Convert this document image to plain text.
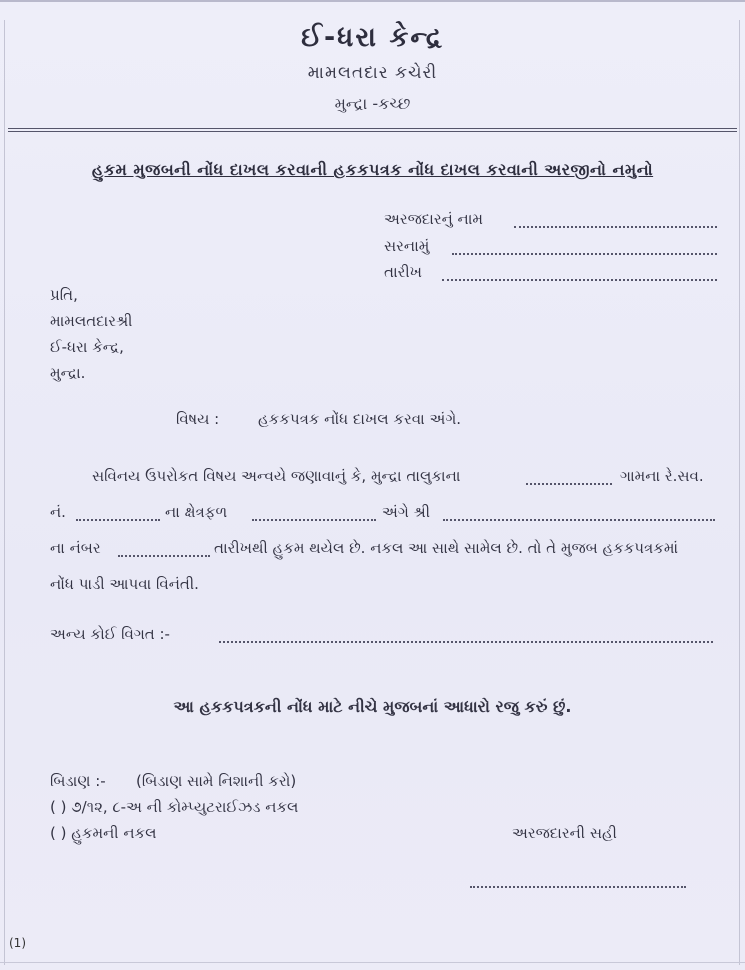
ઈ-ધરા કેન્દ્ર
મામલતદાર કચેરી
મુન્દ્રા -કચ્છ
હુકમ મુજબની નોંધ દાખલ કરવાની હકકપત્રક નોંધ દાખલ કરવાની અરજીનો નમુનો
અરજદારનું નામ
સરનામું
તારીખ
પ્રતિ,
મામલતદારશ્રી
ઈ-ધરા કેન્દ્ર,
મુન્દ્રા.
વિષય :	હકકપત્રક નોંધ દાખલ કરવા અંગે.
સવિનય ઉપરોકત વિષય અન્વયે જણાવાનું કે, મુન્દ્રા તાલુકાના	ગામના રે.સવ.
નં.	ના ક્ષેત્રફળ	અંગે શ્રી
ના નંબર	તારીખથી હુકમ થયેલ છે. નકલ આ સાથે સામેલ છે. તો તે મુજબ હકકપત્રકમાં
નોંધ પાડી આપવા વિનંતી.
અન્ય કોઈ વિગત :-
આ હકકપત્રકની નોંધ માટે નીચે મુજબનાં આધારો રજુ કરું છું.
બિડાણ :- (બિડાણ સામે નિશાની કરો)
( ) ૭/૧૨, ૮-અ ની કોમ્પ્યુટરાઈઝડ નકલ
( ) હુકમની નકલ	અરજદારની સહી
(1)
